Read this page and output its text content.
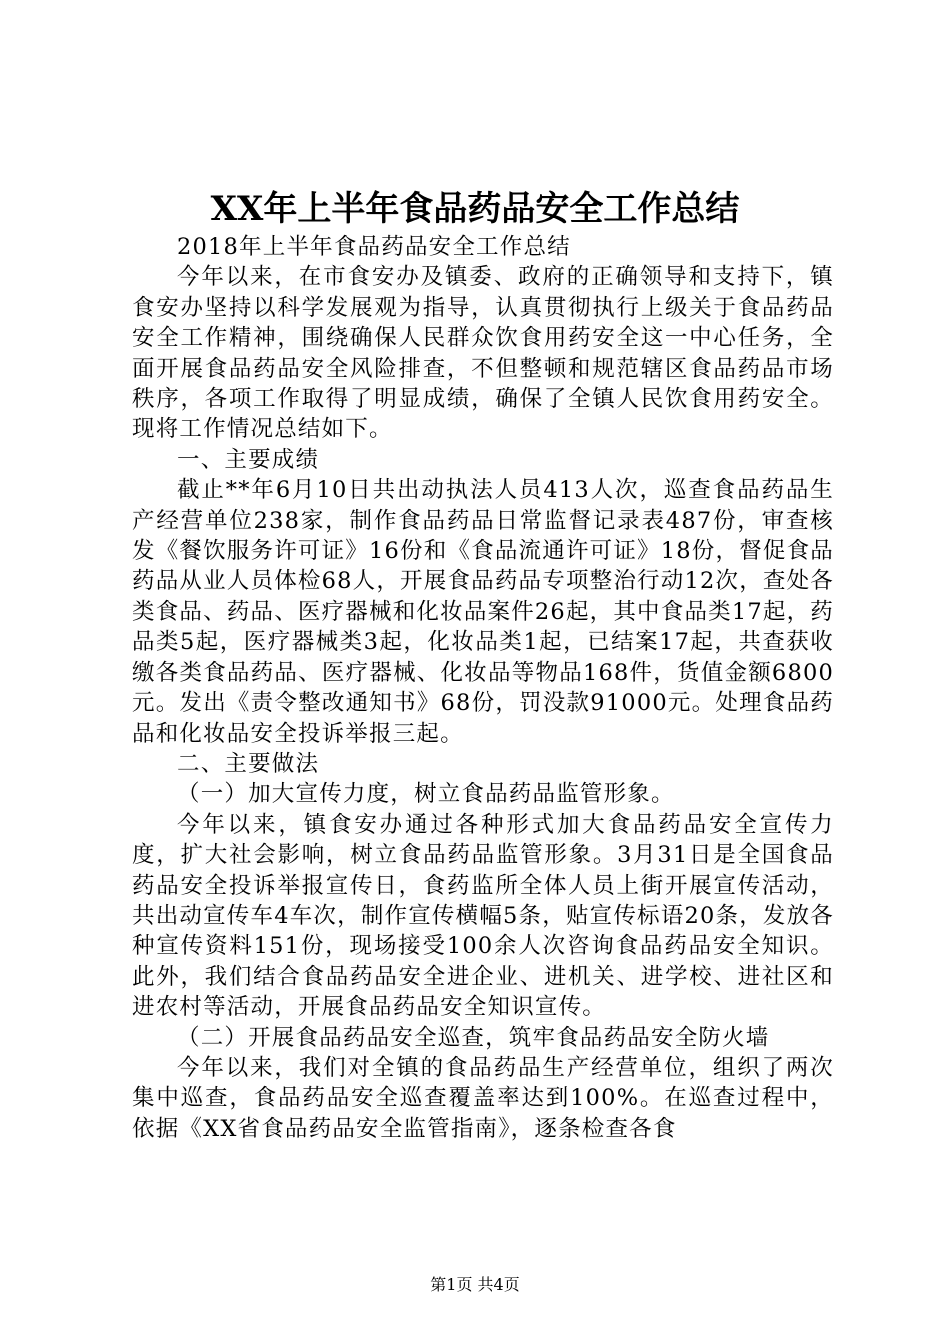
XX年上半年食品药品安全工作总结

2018年上半年食品药品安全工作总结

今年以来，在市食安办及镇委、政府的正确领导和支持下，镇食安办坚持以科学发展观为指导，认真贯彻执行上级关于食品药品安全工作精神，围绕确保人民群众饮食用药安全这一中心任务，全面开展食品药品安全风险排查，不但整顿和规范辖区食品药品市场秩序，各项工作取得了明显成绩，确保了全镇人民饮食用药安全。现将工作情况总结如下。

一、主要成绩

截止**年6月10日共出动执法人员413人次，巡查食品药品生产经营单位238家，制作食品药品日常监督记录表487份，审查核发《餐饮服务许可证》16份和《食品流通许可证》18份，督促食品药品从业人员体检68人，开展食品药品专项整治行动12次，查处各类食品、药品、医疗器械和化妆品案件26起，其中食品类17起，药品类5起，医疗器械类3起，化妆品类1起，已结案17起，共查获收缴各类食品药品、医疗器械、化妆品等物品168件，货值金额6800元。发出《责令整改通知书》68份，罚没款91000元。处理食品药品和化妆品安全投诉举报三起。

二、主要做法

（一）加大宣传力度，树立食品药品监管形象。

今年以来，镇食安办通过各种形式加大食品药品安全宣传力度，扩大社会影响，树立食品药品监管形象。3月31日是全国食品药品安全投诉举报宣传日，食药监所全体人员上街开展宣传活动，共出动宣传车4车次，制作宣传横幅5条，贴宣传标语20条，发放各种宣传资料151份，现场接受100余人次咨询食品药品安全知识。此外，我们结合食品药品安全进企业、进机关、进学校、进社区和进农村等活动，开展食品药品安全知识宣传。

（二）开展食品药品安全巡查，筑牢食品药品安全防火墙

今年以来，我们对全镇的食品药品生产经营单位，组织了两次集中巡查，食品药品安全巡查覆盖率达到100%。在巡查过程中，依据《XX省食品药品安全监管指南》，逐条检查各食

第1页 共4页
